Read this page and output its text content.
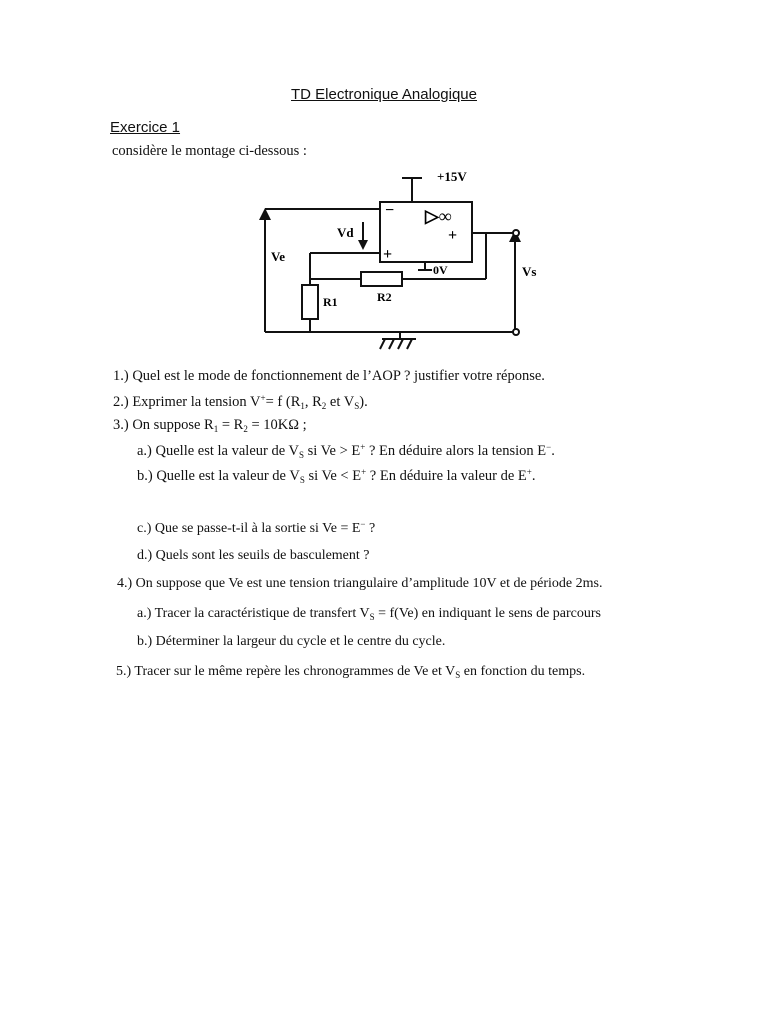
TD Electronique Analogique
Exercice 1
considère le montage ci-dessous :
+15V
−
+
+
▷∞
Vd
0V
Ve
Vs
R1	R2

1.) Quel est le mode de fonctionnement de l’AOP ? justifier votre réponse.

2.) Exprimer la tension V+= f ($R_1$, $R_2$ et $V_S$).

3.) On suppose $R_1 = R_2 = 10K\Omega$ ;

a.) Quelle est la valeur de $V_S$ si Ve > E+ ? En déduire alors la tension E−.

b.) Quelle est la valeur de $V_S$ si Ve < E+ ? En déduire la valeur de E+.

c.) Que se passe-t-il à la sortie si Ve = E− ?

d.) Quels sont les seuils de basculement ?

4.) On suppose que Ve est une tension triangulaire d’amplitude 10V et de période 2ms.

a.) Tracer la caractéristique de transfert $V_S = f(Ve)$ en indiquant le sens de parcours

b.) Déterminer la largeur du cycle et le centre du cycle.

5.) Tracer sur le même repère les chronogrammes de Ve et $V_S$ en fonction du temps.
